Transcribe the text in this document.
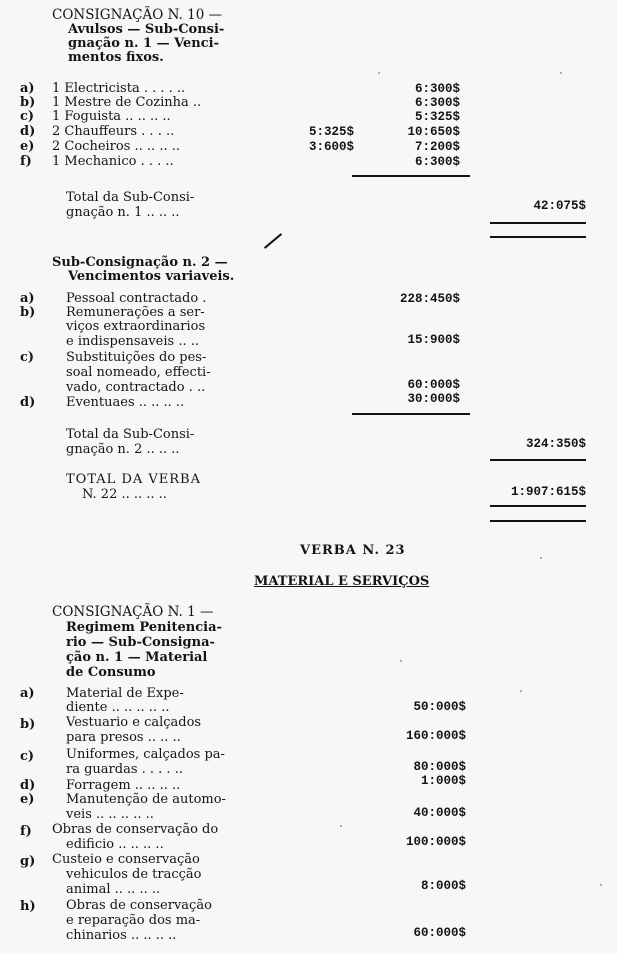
CONSIGNAÇÃO N. 10 —
Avulsos — Sub-Consi-
gnação n. 1 — Venci-
mentos fixos.
a) 1 Electricista . . . . ..	6:300$
b) 1 Mestre de Cozinha ..	6:300$
c) 1 Foguista .. .. .. ..	5:325$
d) 2 Chauffeurs . . . ..	5:325$	10:650$
e) 2 Cocheiros .. .. .. ..	3:600$	7:200$
f) 1 Mechanico . . . ..	6:300$
Total da Sub-Consi-
gnação n. 1 .. .. ..	42:075$
Sub-Consignação n. 2 —
Vencimentos variaveis.
a) Pessoal contractado .	228:450$
b) Remunerações a ser-
viços extraordinarios
e indispensaveis .. ..	15:900$
c) Substituições do pes-
soal nomeado, effecti-
vado, contractado . ..	60:000$
d) Eventuaes .. .. .. ..	30:000$
Total da Sub-Consi-
gnação n. 2 .. .. ..	324:350$
TOTAL DA VERBA
N. 22 .. .. .. ..	1:907:615$
VERBA N. 23
MATERIAL E SERVIÇOS
CONSIGNAÇÃO N. 1 —
Regimem Penitencia-
rio — Sub-Consigna-
ção n. 1 — Material
de Consumo
a) Material de Expe-
diente .. .. .. .. ..	50:000$
b) Vestuario e calçados
para presos .. .. ..	160:000$
c) Uniformes, calçados pa-
ra guardas . . . . ..	80:000$
d) Forragem .. .. .. ..	1:000$
e) Manutenção de automo-
veis .. .. .. .. ..	40:000$
f) Obras de conservação do
edificio .. .. .. ..	100:000$
g) Custeio e conservação
vehiculos de tracção
animal .. .. .. ..	8:000$
h) Obras de conservação
e reparação dos ma-
chinarios .. .. .. ..	60:000$
